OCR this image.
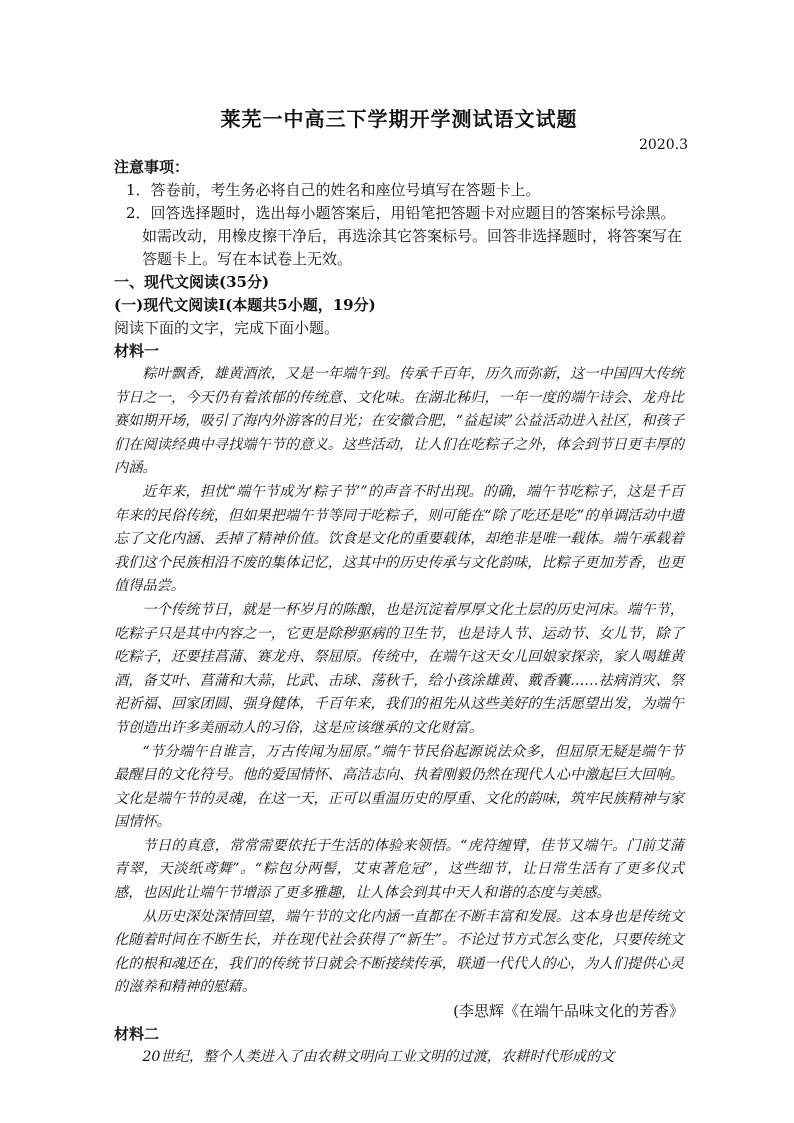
莱芜一中高三下学期开学测试语文试题
2020.3
注意事项：
1．答卷前，考生务必将自己的姓名和座位号填写在答题卡上。
2．回答选择题时，选出每小题答案后，用铅笔把答题卡对应题目的答案标号涂黑。如需改动，用橡皮擦干净后，再选涂其它答案标号。回答非选择题时，将答案写在答题卡上。写在本试卷上无效。
一、现代文阅读(35分)
(一)现代文阅读Ⅰ(本题共5小题，19分)
阅读下面的文字，完成下面小题。
材料一

粽叶飘香，雄黄酒浓，又是一年端午到。传承千百年，历久而弥新，这一中国四大传统节日之一，今天仍有着浓郁的传统意、文化味。在湖北秭归，一年一度的端午诗会、龙舟比赛如期开场，吸引了海内外游客的目光；在安徽合肥，“益起读”公益活动进入社区，和孩子们在阅读经典中寻找端午节的意义。这些活动，让人们在吃粽子之外，体会到节日更丰厚的内涵。

近年来，担忧“端午节成为‘粽子节’”的声音不时出现。的确，端午节吃粽子，这是千百年来的民俗传统，但如果把端午节等同于吃粽子，则可能在“除了吃还是吃”的单调活动中遗忘了文化内涵、丢掉了精神价值。饮食是文化的重要载体，却绝非是唯一载体。端午承载着我们这个民族相沿不废的集体记忆，这其中的历史传承与文化韵味，比粽子更加芳香，也更值得品尝。

一个传统节日，就是一杯岁月的陈酿，也是沉淀着厚厚文化土层的历史河床。端午节，吃粽子只是其中内容之一，它更是除秽驱病的卫生节，也是诗人节、运动节、女儿节，除了吃粽子，还要挂菖蒲、赛龙舟、祭屈原。传统中，在端午这天女儿回娘家探亲，家人喝雄黄酒，备艾叶、菖蒲和大蒜，比武、击球、荡秋千，给小孩涂雄黄、戴香囊……祛病消灾、祭祀祈福、回家团圆、强身健体，千百年来，我们的祖先从这些美好的生活愿望出发，为端午节创造出许多美丽动人的习俗，这是应该继承的文化财富。

“节分端午自谁言，万古传闻为屈原。”端午节民俗起源说法众多，但屈原无疑是端午节最醒目的文化符号。他的爱国情怀、高洁志向、执着刚毅仍然在现代人心中激起巨大回响。文化是端午节的灵魂，在这一天，正可以重温历史的厚重、文化的韵味，筑牢民族精神与家国情怀。

节日的真意，常常需要依托于生活的体验来领悟。“虎符缠臂，佳节又端午。门前艾蒲青翠，天淡纸鸢舞”。“粽包分两髻，艾束著危冠”，这些细节，让日常生活有了更多仪式感，也因此让端午节增添了更多雅趣，让人体会到其中天人和谐的态度与美感。

从历史深处深情回望，端午节的文化内涵一直都在不断丰富和发展。这本身也是传统文化随着时间在不断生长，并在现代社会获得了“新生”。不论过节方式怎么变化，只要传统文化的根和魂还在，我们的传统节日就会不断接续传承，联通一代代人的心，为人们提供心灵的滋养和精神的慰藉。

(李思辉《在端午品味文化的芳香》
材料二

20世纪，整个人类进入了由农耕文明向工业文明的过渡，农耕时代形成的文
